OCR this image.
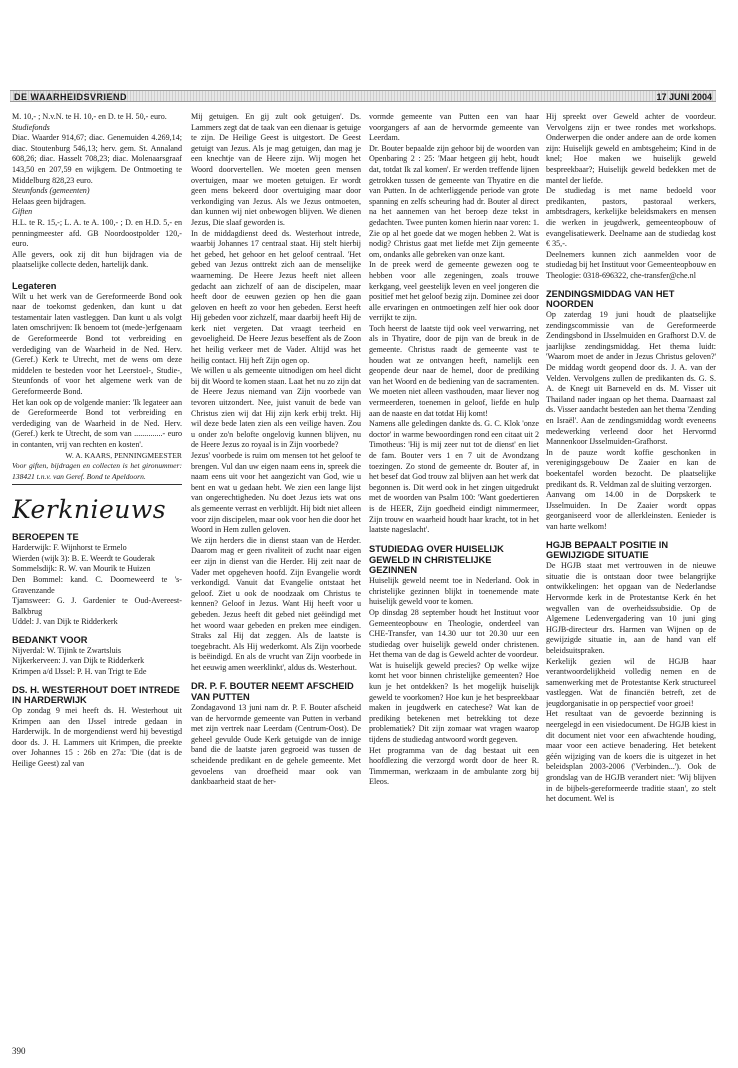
DE WAARHEIDSVRIEND	17 JUNI 2004

M. 10,- ; N.v.N. te H. 10,- en D. te H. 50,- euro.

Studiefonds

Diac. Waarder 914,67; diac. Genemuiden 4.269,14; diac. Stoutenburg 546,13; herv. gem. St. Annaland 608,26; diac. Hasselt 708,23; diac. Molenaarsgraaf 143,50 en 207,59 en wijkgem. De Ontmoeting te Middelburg 828,23 euro.

Steunfonds (gemeenten)

Helaas geen bijdragen.

Giften

H.L. te R. 15,-; L. A. te A. 100,- ; D. en H.D. 5,- en penningmeester afd. GB Noordoostpolder 120,- euro.

Alle gevers, ook zij dit hun bijdragen via de plaatselijke collecte deden, hartelijk dank.

Legateren

Wilt u het werk van de Gereformeerde Bond ook naar de toekomst gedenken, dan kunt u dat testamentair laten vastleggen. Dan kunt u als volgt laten omschrijven: Ik benoem tot (mede-)erfgenaam de Gereformeerde Bond tot verbreiding en verdediging van de Waarheid in de Ned. Herv. (Geref.) Kerk te Utrecht, met de wens om deze middelen te besteden voor het Leerstoel-, Studie-, Steunfonds of voor het algemene werk van de Gereformeerde Bond.

Het kan ook op de volgende manier: 'Ik legateer aan de Gereformeerde Bond tot verbreiding en verdediging van de Waarheid in de Ned. Herv.(Geref.) kerk te Utrecht, de som van ..............- euro in contanten, vrij van rechten en kosten'.

W. A. KAARS, PENNINGMEESTER

Voor giften, bijdragen en collecten is het gironummer: 138421 t.n.v. van Geref. Bond te Apeldoorn.

Kerknieuws

BEROEPEN TE

Harderwijk: F. Wijnhorst te Ermelo

Wierden (wijk 3): B. E. Weerdt te Gouderak

Sommelsdijk: R. W. van Mourik te Huizen

Den Bommel: kand. C. Doorneweerd te 's-Gravenzande

Tjamsweer: G. J. Gardenier te Oud-Avereest-Balkbrug

Uddel: J. van Dijk te Ridderkerk

BEDANKT VOOR

Nijverdal: W. Tijink te Zwartsluis

Nijkerkerveen: J. van Dijk te Ridderkerk

Krimpen a/d IJssel: P. H. van Trigt te Ede

DS. H. WESTERHOUT DOET INTREDE IN HARDERWIJK

Op zondag 9 mei heeft ds. H. Westerhout uit Krimpen aan den IJssel intrede gedaan in Harderwijk. In de morgendienst werd hij bevestigd door ds. J. H. Lammers uit Krimpen, die preekte over Johannes 15 : 26b en 27a: 'Die (dat is de Heilige Geest) zal van

Mij getuigen. En gij zult ook getuigen'. Ds. Lammers zegt dat de taak van een dienaar is getuige te zijn. De Heilige Geest is uitgestort. De Geest getuigt van Jezus. Als je mag getuigen, dan mag je een knechtje van de Heere zijn. Wij mogen het Woord doorvertellen. We moeten geen mensen overtuigen, maar we moeten getuigen. Er wordt geen mens bekeerd door overtuiging maar door verkondiging van Jezus. Als we Jezus ontmoeten, dan kunnen wij niet onbewogen blijven. We dienen Jezus, Die slaaf geworden is.

In de middagdienst deed ds. Westerhout intrede, waarbij Johannes 17 centraal staat. Hij stelt hierbij het gebed, het gehoor en het geloof centraal. 'Het gebed van Jezus onttrekt zich aan de menselijke waarneming. De Heere Jezus heeft niet alleen gedacht aan zichzelf of aan de discipelen, maar heeft door de eeuwen gezien op hen die gaan geloven en heeft zo voor hen gebeden. Eerst heeft Hij gebeden voor zichzelf, maar daarbij heeft Hij de kerk niet vergeten. Dat vraagt teerheid en gevoeligheid. De Heere Jezus beseffent als de Zoon het heilig verkeer met de Vader. Altijd was het heilig contact. Hij heft Zijn ogen op.

We willen u als gemeente uitnodigen om heel dicht bij dit Woord te komen staan. Laat het nu zo zijn dat de Heere Jezus niemand van Zijn voorbede van tevoren uitzondert. Nee, juist vanuit de bede van Christus zien wij dat Hij zijn kerk erbij trekt. Hij wil deze bede laten zien als een veilige haven. Zou u onder zo'n belofte ongelovig kunnen blijven, nu de Heere Jezus zo royaal is in Zijn voorbede?

Jezus' voorbede is ruim om mensen tot het geloof te brengen. Vul dan uw eigen naam eens in, spreek die naam eens uit voor het aangezicht van God, wie u bent en wat u gedaan hebt. We zien een lange lijst van ongerechtigheden. Nu doet Jezus iets wat ons als gemeente verrast en verblijdt. Hij bidt niet alleen voor zijn discipelen, maar ook voor hen die door het Woord in Hem zullen geloven.

We zijn herders die in dienst staan van de Herder. Daarom mag er geen rivaliteit of zucht naar eigen eer zijn in dienst van die Herder. Hij zeit naar de Vader met opgeheven hoofd. Zijn Evangelie wordt verkondigd. Vanuit dat Evangelie ontstaat het geloof. Ziet u ook de noodzaak om Christus te kennen? Geloof in Jezus. Want Hij heeft voor u gebeden. Jezus heeft dit gebed niet geëindigd met het woord waar gebeden en preken mee eindigen. Straks zal Hij dat zeggen. Als de laatste is toegebracht. Als Hij wederkomt. Als Zijn voorbede is beëindigd. En als de vrucht van Zijn voorbede in het eeuwig amen weerklinkt', aldus ds. Westerhout.

DR. P. F. BOUTER NEEMT AFSCHEID VAN PUTTEN

Zondagavond 13 juni nam dr. P. F. Bouter afscheid van de hervormde gemeente van Putten in verband met zijn vertrek naar Leerdam (Centrum-Oost). De geheel gevulde Oude Kerk getuigde van de innige band die de laatste jaren gegroeid was tussen de scheidende predikant en de gehele gemeente. Met gevoelens van droefheid maar ook van dankbaarheid staat de her-

vormde gemeente van Putten een van haar voorgangers af aan de hervormde gemeente van Leerdam.

Dr. Bouter bepaalde zijn gehoor bij de woorden van Openbaring 2 : 25: 'Maar hetgeen gij hebt, houdt dat, totdat Ik zal komen'. Er werden treffende lijnen getrokken tussen de gemeente van Thyatire en die van Putten. In de achterliggende periode van grote spanning en zelfs scheuring had dr. Bouter al direct na het aannemen van het beroep deze tekst in gedachten. Twee punten komen hierin naar voren: 1. Zie op al het goede dat we mogen hebben 2. Wat is nodig? Christus gaat met liefde met Zijn gemeente om, ondanks alle gebreken van onze kant.

In de preek werd de gemeente gewezen oog te hebben voor alle zegeningen, zoals trouwe kerkgang, veel geestelijk leven en veel jongeren die positief met het geloof bezig zijn. Dominee zei door alle ervaringen en ontmoetingen zelf hier ook door verrijkt te zijn.

Toch heerst de laatste tijd ook veel verwarring, net als in Thyatire, door de pijn van de breuk in de gemeente. Christus raadt de gemeente vast te houden wat ze ontvangen heeft, namelijk een geopende deur naar de hemel, door de prediking van het Woord en de bediening van de sacramenten. We moeten niet alleen vasthouden, maar liever nog vermeerderen, toenemen in geloof, liefde en hulp aan de naaste en dat totdat Hij komt!

Namens alle geledingen dankte ds. G. C. Klok 'onze doctor' in warme bewoordingen rond een citaat uit 2 Timotheus: 'Hij is mij zeer nut tot de dienst' en liet de fam. Bouter vers 1 en 7 uit de Avondzang toezingen. Zo stond de gemeente dr. Bouter af, in het besef dat God trouw zal blijven aan het werk dat begonnen is. Dit werd ook in het zingen uitgedrukt met de woorden van Psalm 100: 'Want goedertieren is de HEER, Zijn goedheid eindigt nimmermeer, Zijn trouw en waarheid houdt haar kracht, tot in het laatste nageslacht'.

STUDIEDAG OVER HUISELIJK GEWELD IN CHRISTELIJKE GEZINNEN

Huiselijk geweld neemt toe in Nederland. Ook in christelijke gezinnen blijkt in toenemende mate huiselijk geweld voor te komen.

Op dinsdag 28 september houdt het Instituut voor Gemeenteopbouw en Theologie, onderdeel van CHE-Transfer, van 14.30 uur tot 20.30 uur een studiedag over huiselijk geweld onder christenen. Het thema van de dag is Geweld achter de voordeur.

Wat is huiselijk geweld precies? Op welke wijze komt het voor binnen christelijke gemeenten? Hoe kun je het ontdekken? Is het mogelijk huiselijk geweld te voorkomen? Hoe kun je het bespreekbaar maken in jeugdwerk en catechese? Wat kan de prediking betekenen met betrekking tot deze problematiek? Dit zijn zomaar wat vragen waarop tijdens de studiedag antwoord wordt gegeven.

Het programma van de dag bestaat uit een hoofdlezing die verzorgd wordt door de heer R. Timmerman, werkzaam in de ambulante zorg bij Eleos.

Hij spreekt over Geweld achter de voordeur. Vervolgens zijn er twee rondes met workshops. Onderwerpen die onder andere aan de orde komen zijn: Huiselijk geweld en ambtsgeheim; Kind in de knel; Hoe maken we huiselijk geweld bespreekbaar?; Huiselijk geweld bedekken met de mantel der liefde.

De studiedag is met name bedoeld voor predikanten, pastors, pastoraal werkers, ambtsdragers, kerkelijke beleidsmakers en mensen die werken in jeugdwerk, gemeenteopbouw of evangelisatiewerk. Deelname aan de studiedag kost € 35,-.

Deelnemers kunnen zich aanmelden voor de studiedag bij het Instituut voor Gemeenteopbouw en Theologie: 0318-696322, che-transfer@che.nl

ZENDINGSMIDDAG VAN HET NOORDEN

Op zaterdag 19 juni houdt de plaatselijke zendingscommissie van de Gereformeerde Zendingsbond in IJsselmuiden en Grafhorst D.V. de jaarlijkse zendingsmiddag. Het thema luidt: 'Waarom moet de ander in Jezus Christus geloven?' De middag wordt geopend door ds. J. A. van der Velden. Vervolgens zullen de predikanten ds. G. S. A. de Knegt uit Barneveld en ds. M. Visser uit Thailand nader ingaan op het thema. Daarnaast zal ds. Visser aandacht besteden aan het thema 'Zending en Israël'. Aan de zendingsmiddag wordt eveneens medewerking verleend door het Hervormd Mannenkoor IJsselmuiden-Grafhorst.

In de pauze wordt koffie geschonken in verenigingsgebouw De Zaaier en kan de boekentafel worden bezocht. De plaatselijke predikant ds. R. Veldman zal de sluiting verzorgen.

Aanvang om 14.00 in de Dorpskerk te IJsselmuiden. In De Zaaier wordt oppas georganiseerd voor de allerkleinsten. Eenieder is van harte welkom!

HGJB BEPAALT POSITIE IN GEWIJZIGDE SITUATIE

De HGJB staat met vertrouwen in de nieuwe situatie die is ontstaan door twee belangrijke ontwikkelingen: het opgaan van de Nederlandse Hervormde kerk in de Protestantse Kerk én het wegvallen van de overheidssubsidie. Op de Algemene Ledenvergadering van 10 juni ging HGJB-directeur drs. Harmen van Wijnen op de gewijzigde situatie in, aan de hand van elf beleidsuitspraken.

Kerkelijk gezien wil de HGJB haar verantwoordelijkheid volledig nemen en de samenwerking met de Protestantse Kerk structureel vastleggen. Wat de financiën betreft, zet de jeugdorganisatie in op perspectief voor groei!

Het resultaat van de gevoerde bezinning is neergelegd in een visiedocument. De HGJB kiest in dit document niet voor een afwachtende houding, maar voor een actieve benadering. Het betekent géén wijziging van de koers die is uitgezet in het beleidsplan 2003-2006 ('Verbinden...'). Ook de grondslag van de HGJB verandert niet: 'Wij blijven in de bijbels-gereformeerde traditie staan', zo stelt het document. Wel is

390
